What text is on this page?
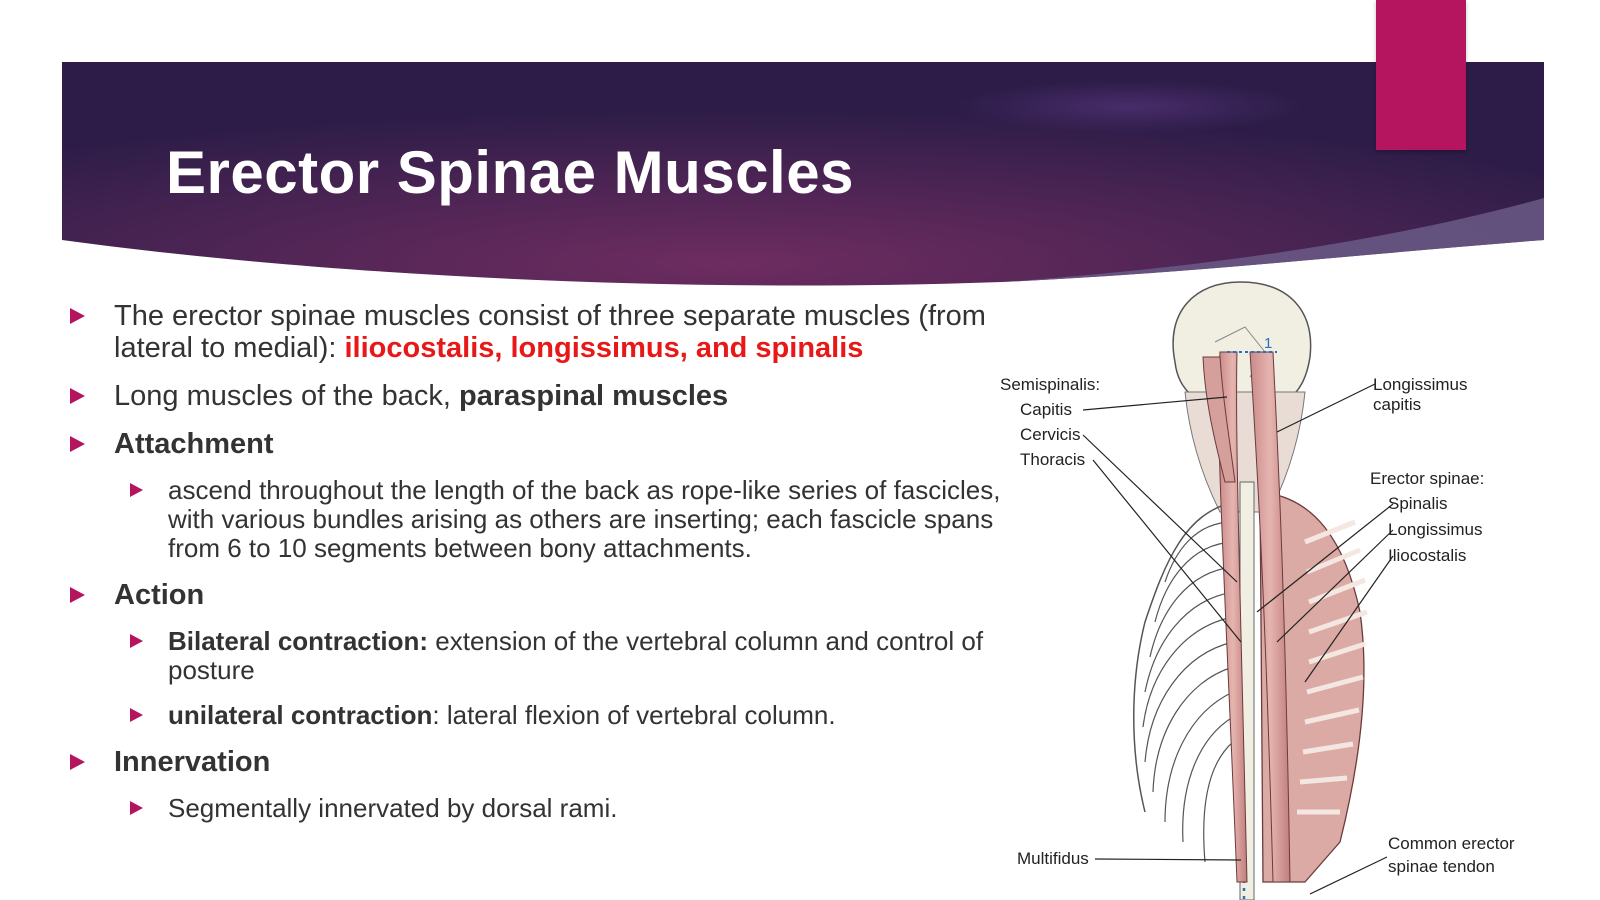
Erector Spinae Muscles
The erector spinae muscles consist of three separate muscles (from lateral to medial): iliocostalis, longissimus, and spinalis
Long muscles of the back, paraspinal muscles
Attachment
ascend throughout the length of the back as rope-like series of fascicles, with various bundles arising as others are inserting; each fascicle spans from 6 to 10 segments between bony attachments.
Action
Bilateral contraction: extension of the vertebral column and control of posture
unilateral contraction: lateral flexion of vertebral column.
Innervation
Segmentally innervated by dorsal rami.
1
Semispinalis:
Capitis
Cervicis
Thoracis
Longissimus
capitis
Erector spinae:
Spinalis
Longissimus
Iliocostalis
Multifidus
Common erector
spinae tendon
